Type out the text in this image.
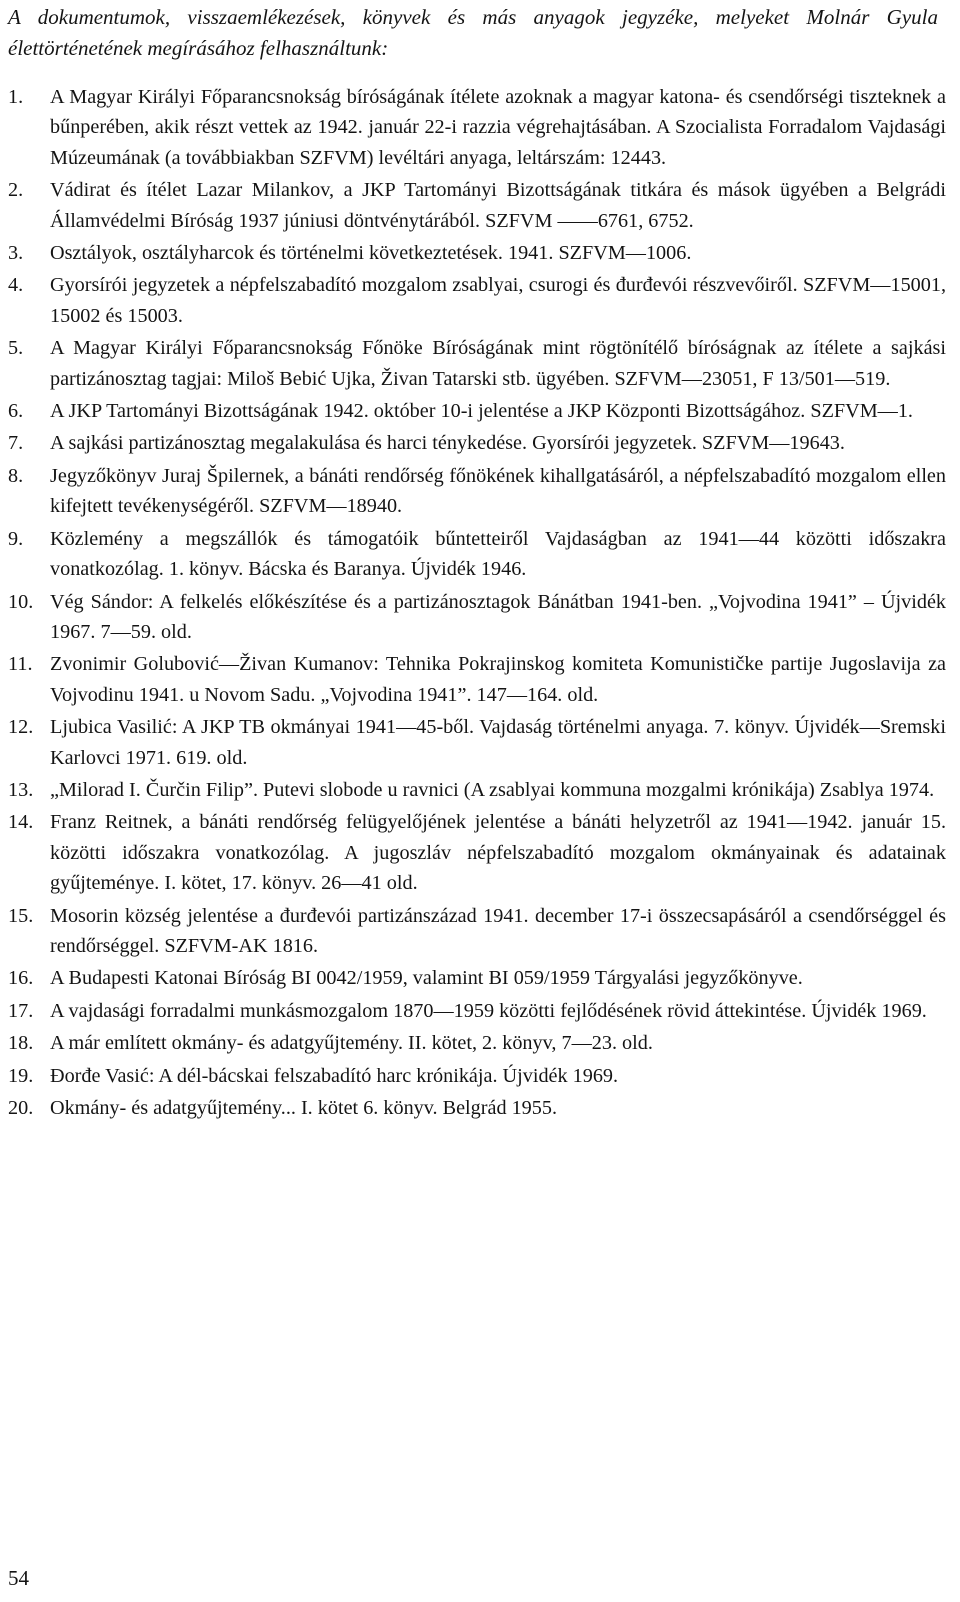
A dokumentumok, visszaemlékezések, könyvek és más anyagok jegyzéke, melyeket Molnár Gyula élettörténetének megírásához felhasználtunk:

1.	A Magyar Királyi Főparancsnokság bíróságának ítélete azoknak a magyar katona- és csendőrségi tiszteknek a bűnperében, akik részt vettek az 1942. január 22-i razzia végrehajtásában. A Szocialista Forradalom Vajdasági Múzeumának (a továbbiakban SZFVM) levéltári anyaga, leltárszám: 12443.
2.	Vádirat és ítélet Lazar Milankov, a JKP Tartományi Bizottságának titkára és mások ügyében a Belgrádi Államvédelmi Bíróság 1937 júniusi döntvénytárából. SZFVM ——6761, 6752.
3.	Osztályok, osztályharcok és történelmi következtetések. 1941. SZFVM—1006.
4.	Gyorsírói jegyzetek a népfelszabadító mozgalom zsablyai, csurogi és đurđevói részvevőiről. SZFVM—15001, 15002 és 15003.
5.	A Magyar Királyi Főparancsnokság Főnöke Bíróságának mint rögtönítélő bíróságnak az ítélete a sajkási partizánosztag tagjai: Miloš Bebić Ujka, Živan Tatarski stb. ügyében. SZFVM—23051, F 13/501—519.
6.	A JKP Tartományi Bizottságának 1942. október 10-i jelentése a JKP Központi Bizottságához. SZFVM—1.
7.	A sajkási partizánosztag megalakulása és harci ténykedése. Gyorsírói jegyzetek. SZFVM—19643.
8.	Jegyzőkönyv Juraj Špilernek, a bánáti rendőrség főnökének kihallgatásáról, a népfelszabadító mozgalom ellen kifejtett tevékenységéről. SZFVM—18940.
9.	Közlemény a megszállók és támogatóik bűntetteiről Vajdaságban az 1941—44 közötti időszakra vonatkozólag. 1. könyv. Bácska és Baranya. Újvidék 1946.
10. Vég Sándor: A felkelés előkészítése és a partizánosztagok Bánátban 1941-ben. „Vojvodina 1941” – Újvidék 1967. 7—59. old.
11. Zvonimir Golubović—Živan Kumanov: Tehnika Pokrajinskog komiteta Komunističke partije Jugoslavija za Vojvodinu 1941. u Novom Sadu. „Vojvodina 1941”. 147—164. old.
12. Ljubica Vasilić: A JKP TB okmányai 1941—45-ből. Vajdaság történelmi anyaga. 7. könyv. Újvidék—Sremski Karlovci 1971. 619. old.
13. „Milorad I. Čurčin Filip”. Putevi slobode u ravnici (A zsablyai kommuna mozgalmi krónikája) Zsablya 1974.
14. Franz Reitnek, a bánáti rendőrség felügyelőjének jelentése a bánáti helyzetről az 1941—1942. január 15. közötti időszakra vonatkozólag. A jugoszláv népfelszabadító mozgalom okmányainak és adatainak gyűjteménye. I. kötet, 17. könyv. 26—41 old.
15. Mosorin község jelentése a đurđevói partizánszázad 1941. december 17-i összecsapásáról a csendőrséggel és rendőrséggel. SZFVM-AK 1816.
16. A Budapesti Katonai Bíróság BI 0042/1959, valamint BI 059/1959 Tárgyalási jegyzőkönyve.
17. A vajdasági forradalmi munkásmozgalom 1870—1959 közötti fejlődésének rövid áttekintése. Újvidék 1969.
18. A már említett okmány- és adatgyűjtemény. II. kötet, 2. könyv, 7—23. old.
19. Đorđe Vasić: A dél-bácskai felszabadító harc krónikája. Újvidék 1969.
20. Okmány- és adatgyűjtemény... I. kötet 6. könyv. Belgrád 1955.
54
